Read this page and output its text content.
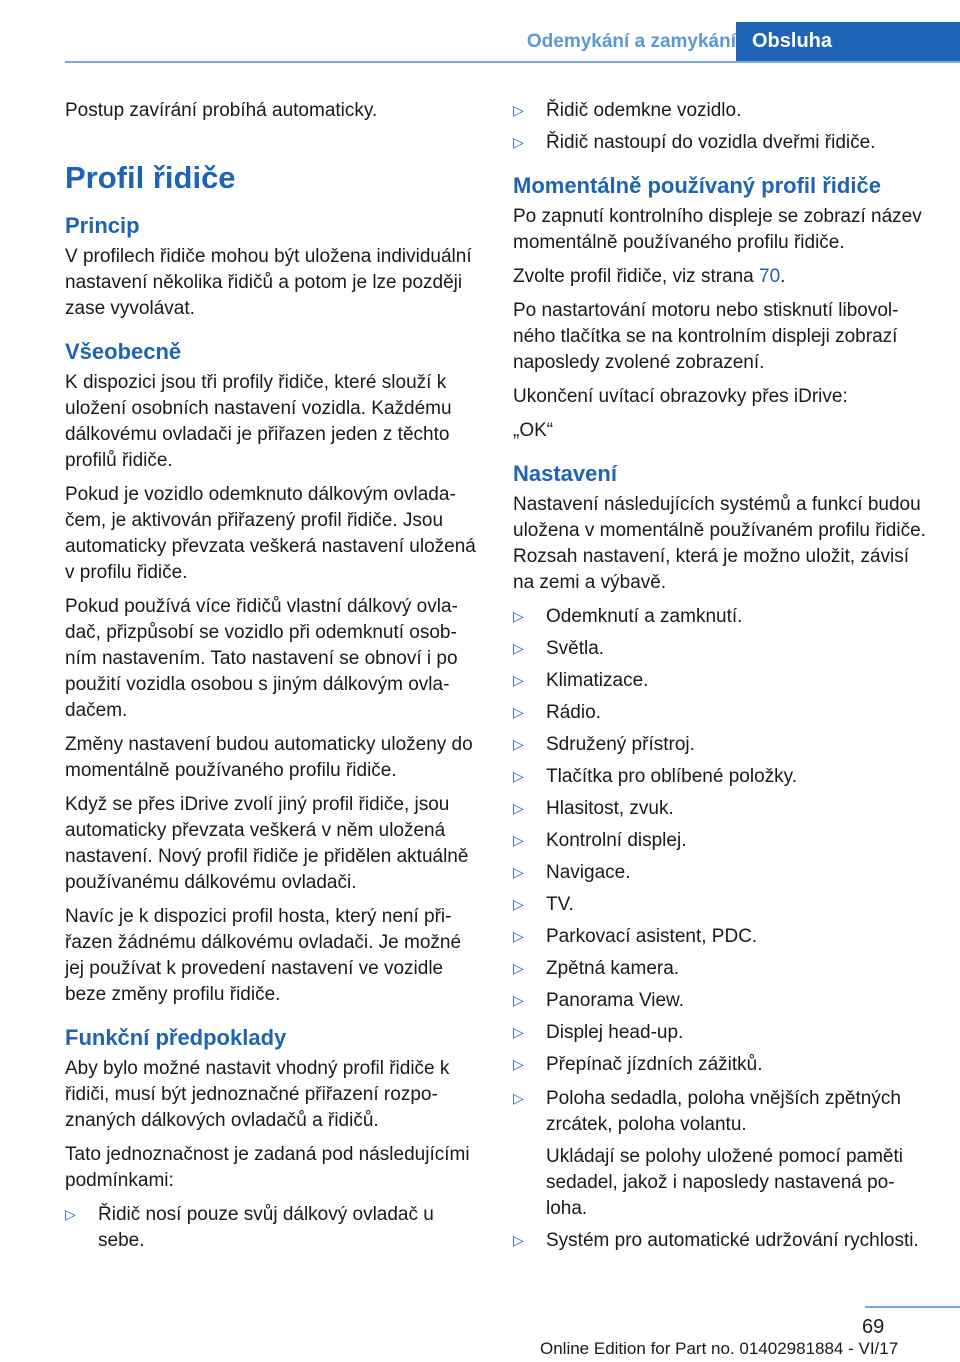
Odemykání a zamykání Obsluha

Postup zavírání probíhá automaticky.

Profil řidiče
Princip

V profilech řidiče mohou být uložena individuální nastavení několika řidičů a potom je lze později zase vyvolávat.

Všeobecně

K dispozici jsou tři profily řidiče, které slouží k uložení osobních nastavení vozidla. Každému dálkovému ovladači je přiřazen jeden z těchto profilů řidiče.

Pokud je vozidlo odemknuto dálkovým ovladačem, je aktivován přiřazený profil řidiče. Jsou automaticky převzata veškerá nastavení uložená v profilu řidiče.

Pokud používá více řidičů vlastní dálkový ovladač, přizpůsobí se vozidlo při odemknutí osobním nastavením. Tato nastavení se obnoví i po použití vozidla osobou s jiným dálkovým ovladačem.

Změny nastavení budou automaticky uloženy do momentálně používaného profilu řidiče.

Když se přes iDrive zvolí jiný profil řidiče, jsou automaticky převzata veškerá v něm uložená nastavení. Nový profil řidiče je přidělen aktuálně používanému dálkovému ovladači.

Navíc je k dispozici profil hosta, který není přiřazen žádnému dálkovému ovladači. Je možné jej používat k provedení nastavení ve vozidle beze změny profilu řidiče.

Funkční předpoklady

Aby bylo možné nastavit vhodný profil řidiče k řidiči, musí být jednoznačné přiřazení rozpoznaných dálkových ovladačů a řidičů.

Tato jednoznačnost je zadaná pod následujícími podmínkami:

▷ Řidič nosí pouze svůj dálkový ovladač u sebe.
▷ Řidič odemkne vozidlo.
▷ Řidič nastoupí do vozidla dveřmi řidiče.
Momentálně používaný profil řidiče

Po zapnutí kontrolního displeje se zobrazí název momentálně používaného profilu řidiče.

Zvolte profil řidiče, viz strana 70.

Po nastartování motoru nebo stisknutí libovolného tlačítka se na kontrolním displeji zobrazí naposledy zvolené zobrazení.

Ukončení uvítací obrazovky přes iDrive:

„OK“

Nastavení

Nastavení následujících systémů a funkcí budou uložena v momentálně používaném profilu řidiče. Rozsah nastavení, která je možno uložit, závisí na zemi a výbavě.

▷ Odemknutí a zamknutí.
▷ Světla.
▷ Klimatizace.
▷ Rádio.
▷ Sdružený přístroj.
▷ Tlačítka pro oblíbené položky.
▷ Hlasitost, zvuk.
▷ Kontrolní displej.
▷ Navigace.
▷ TV.
▷ Parkovací asistent, PDC.
▷ Zpětná kamera.
▷ Panorama View.
▷ Displej head-up.
▷ Přepínač jízdních zážitků.
▷ Poloha sedadla, poloha vnějších zpětných zrcátek, poloha volantu.
Ukládají se polohy uložené pomocí paměti sedadel, jakož i naposledy nastavená poloha.
▷ Systém pro automatické udržování rychlosti.
69
Online Edition for Part no. 01402981884 - VI/17
